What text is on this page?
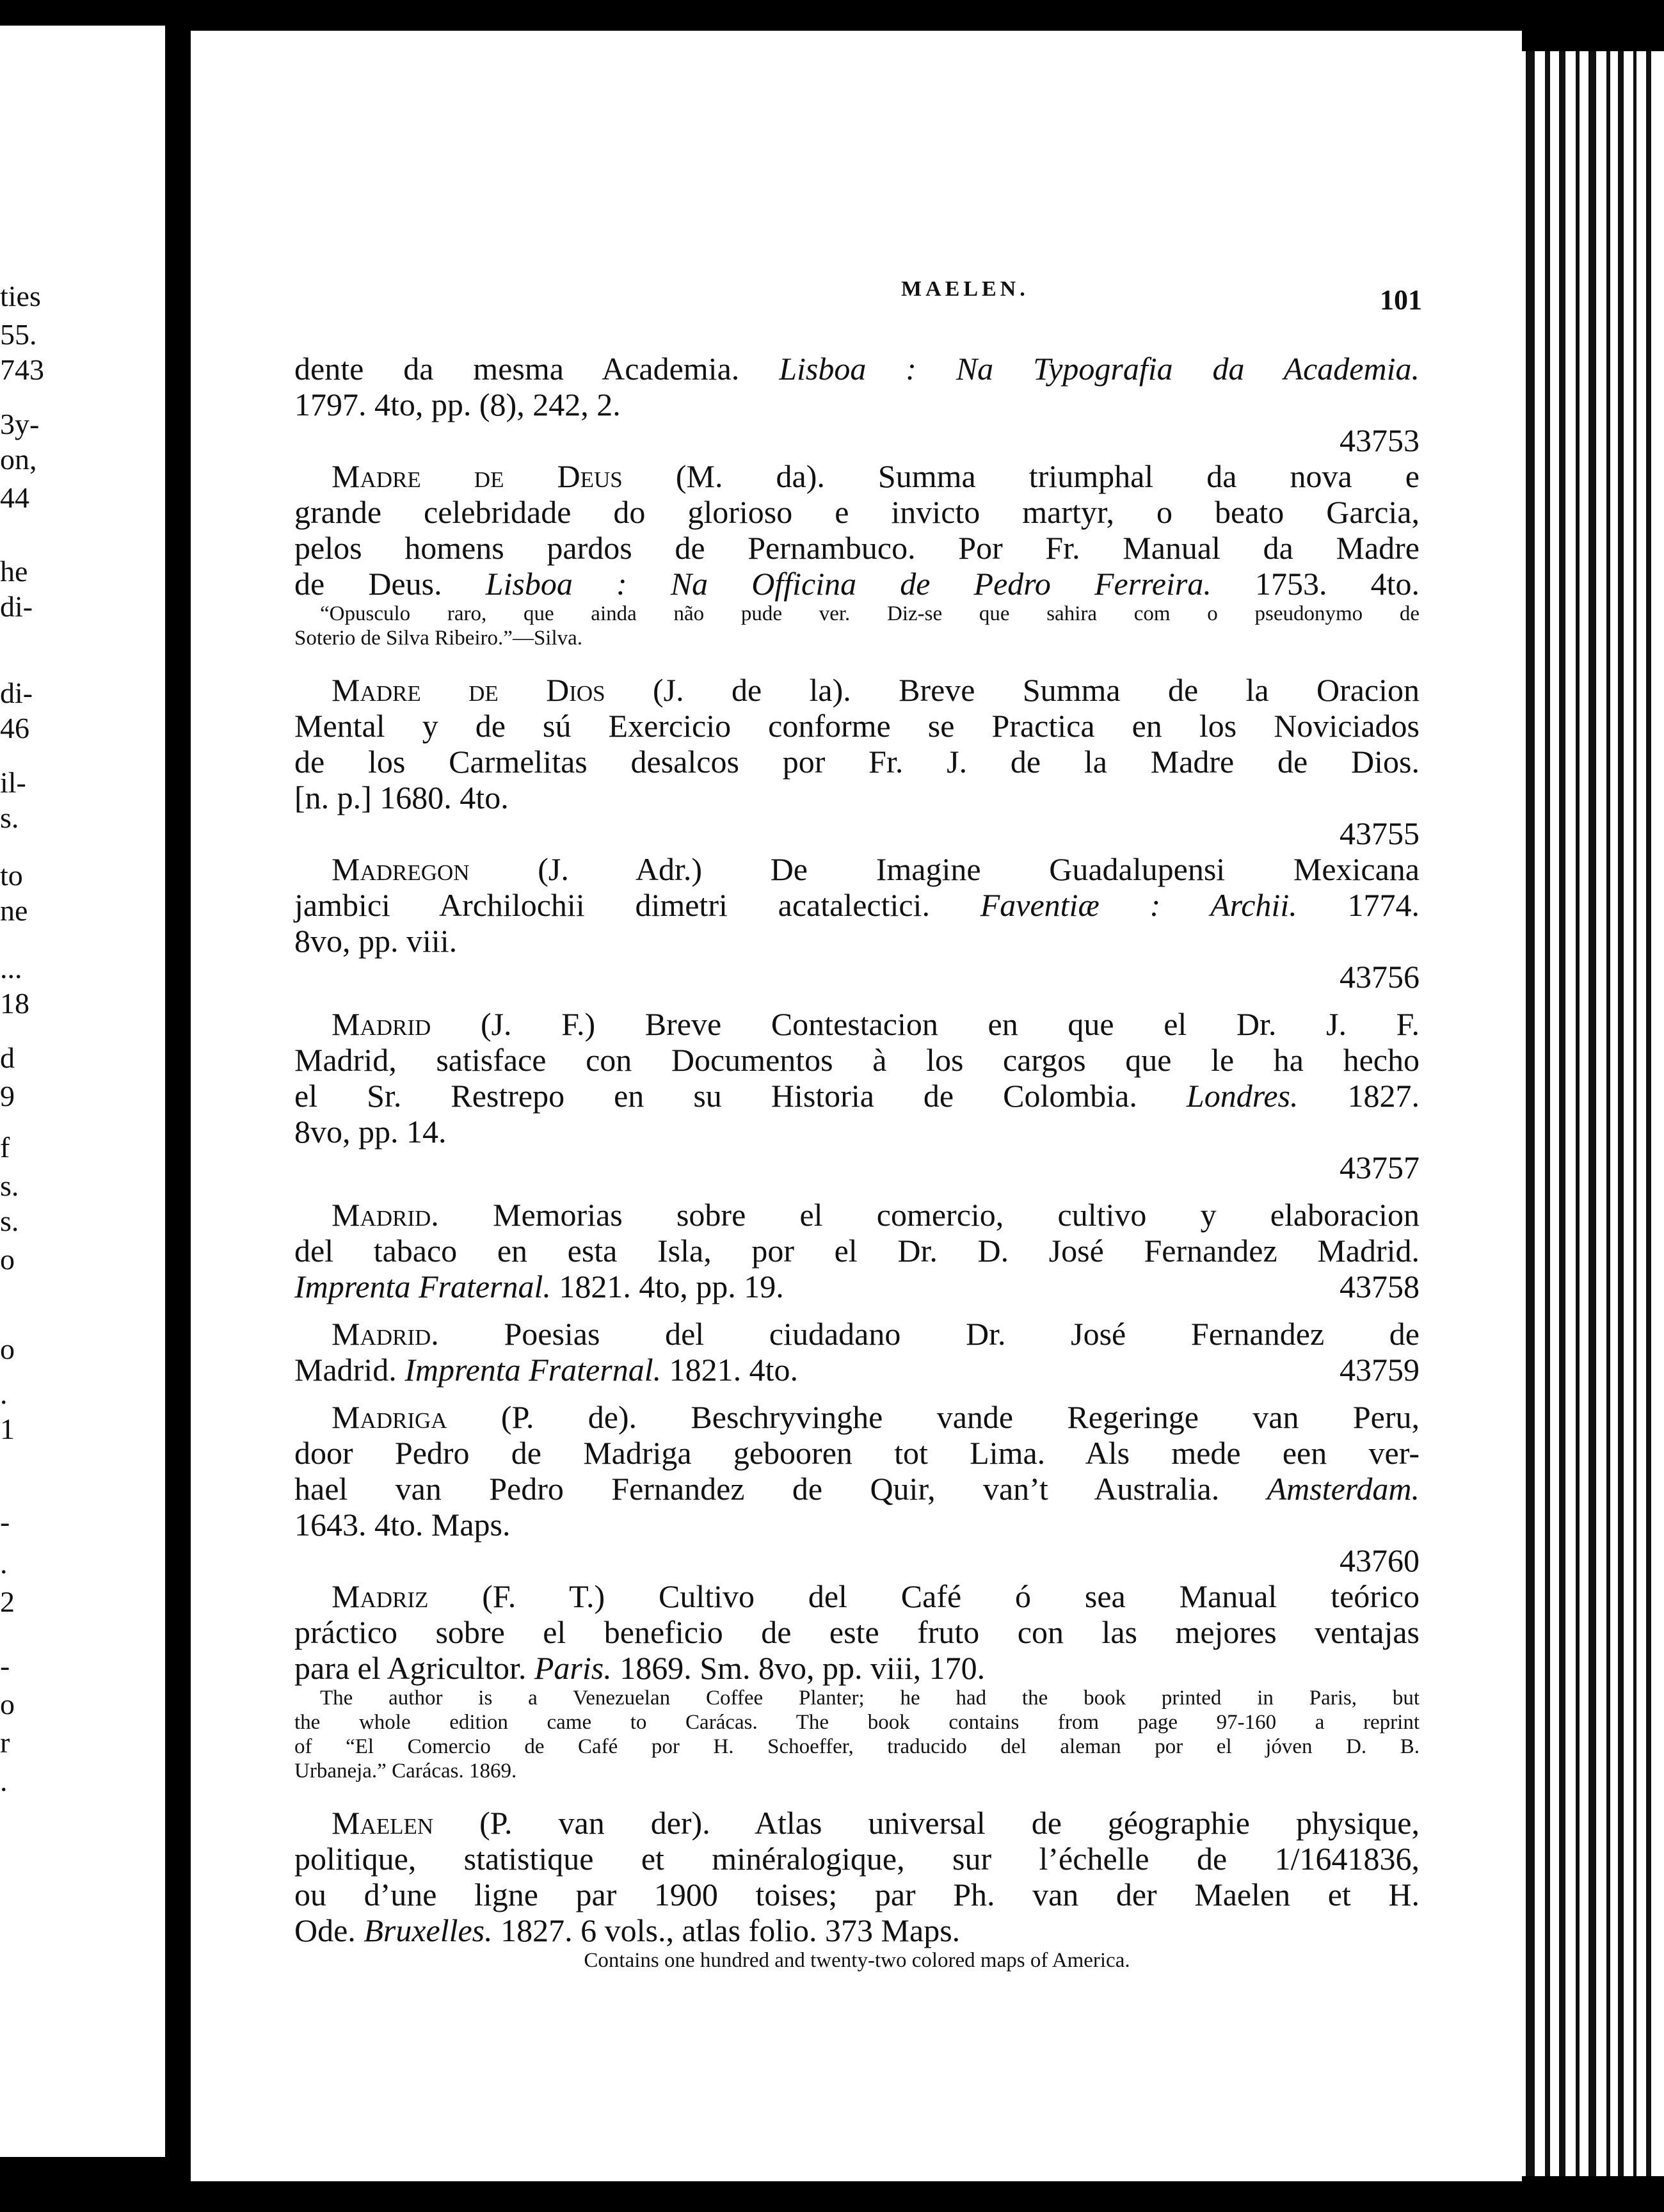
ties
55.
743
3y-
on,
44
he
di-
di-
46
il-
s.
to
ne
...
18
d
9
f
s.
s.
o
o
.
1
-
.
2
-
o
r
.
MAELEN.	101
dente da mesma Academia. Lisboa : Na Typografia da Academia.
1797. 4to, pp. (8), 242, 2.
43753
Madre de Deus (M. da). Summa triumphal da nova e
grande celebridade do glorioso e invicto martyr, o beato Garcia,
pelos homens pardos de Pernambuco. Por Fr. Manual da Madre
de Deus. Lisboa : Na Officina de Pedro Ferreira. 1753. 4to.
“Opusculo raro, que ainda não pude ver. Diz-se que sahira com o pseudonymo de
Soterio de Silva Ribeiro.”—Silva.
Madre de Dios (J. de la). Breve Summa de la Oracion
Mental y de sú Exercicio conforme se Practica en los Noviciados
de los Carmelitas desalcos por Fr. J. de la Madre de Dios.
[n. p.] 1680. 4to.
43755
Madregon (J. Adr.) De Imagine Guadalupensi Mexicana
jambici Archilochii dimetri acatalectici. Faventiæ : Archii. 1774.
8vo, pp. viii.
43756
Madrid (J. F.) Breve Contestacion en que el Dr. J. F.
Madrid, satisface con Documentos à los cargos que le ha hecho
el Sr. Restrepo en su Historia de Colombia. Londres. 1827.
8vo, pp. 14.
43757
Madrid. Memorias sobre el comercio, cultivo y elaboracion
del tabaco en esta Isla, por el Dr. D. José Fernandez Madrid.
Imprenta Fraternal. 1821. 4to, pp. 19.	43758
Madrid. Poesias del ciudadano Dr. José Fernandez de
Madrid. Imprenta Fraternal. 1821. 4to.	43759
Madriga (P. de). Beschryvinghe vande Regeringe van Peru,
door Pedro de Madriga gebooren tot Lima. Als mede een ver-
hael van Pedro Fernandez de Quir, van’t Australia. Amsterdam.
1643. 4to. Maps.
43760
Madriz (F. T.) Cultivo del Café ó sea Manual teórico
práctico sobre el beneficio de este fruto con las mejores ventajas
para el Agricultor. Paris. 1869. Sm. 8vo, pp. viii, 170.
The author is a Venezuelan Coffee Planter; he had the book printed in Paris, but
the whole edition came to Carácas. The book contains from page 97-160 a reprint
of “El Comercio de Café por H. Schoeffer, traducido del aleman por el jóven D. B.
Urbaneja.” Carácas. 1869.
Maelen (P. van der). Atlas universal de géographie physique,
politique, statistique et minéralogique, sur l’échelle de 1/1641836,
ou d’une ligne par 1900 toises; par Ph. van der Maelen et H.
Ode. Bruxelles. 1827. 6 vols., atlas folio. 373 Maps.
Contains one hundred and twenty-two colored maps of America.
